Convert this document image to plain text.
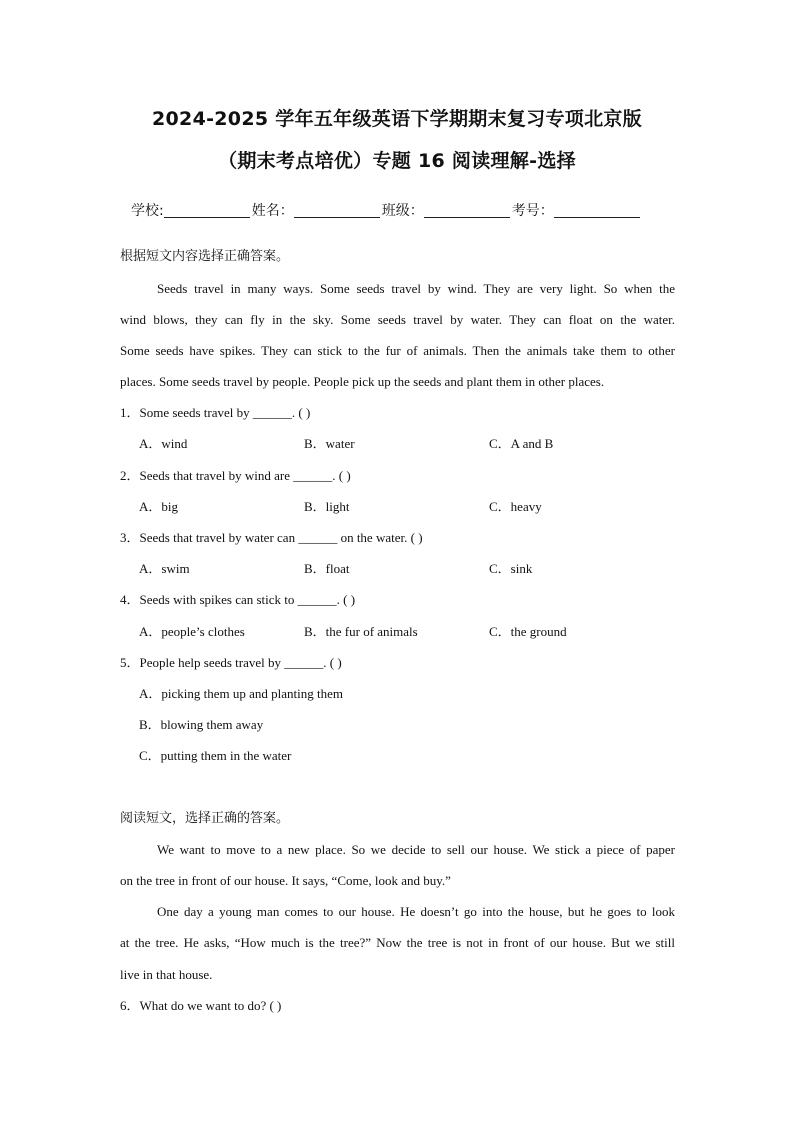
2024-2025 学年五年级英语下学期期末复习专项北京版
（期末考点培优）专题 16 阅读理解-选择
学校:	姓名：	班级：	考号：
根据短文内容选择正确答案。
Seeds travel in many ways. Some seeds travel by wind. They are very light. So when the
wind blows, they can fly in the sky. Some seeds travel by water. They can float on the water.
Some seeds have spikes. They can stick to the fur of animals. Then the animals take them to other
places. Some seeds travel by people. People pick up the seeds and plant them in other places.
1．Some seeds travel by ______. ( )
A．wind	B．water	C．A and B
2．Seeds that travel by wind are ______. ( )
A．big	B．light	C．heavy
3．Seeds that travel by water can ______ on the water. ( )
A．swim	B．float	C．sink
4．Seeds with spikes can stick to ______. ( )
A．people’s clothes	B．the fur of animals	C．the ground
5．People help seeds travel by ______. ( )
A．picking them up and planting them
B．blowing them away
C．putting them in the water
阅读短文，选择正确的答案。
We want to move to a new place. So we decide to sell our house. We stick a piece of paper
on the tree in front of our house. It says, “Come, look and buy.”
One day a young man comes to our house. He doesn’t go into the house, but he goes to look
at the tree. He asks, “How much is the tree?” Now the tree is not in front of our house. But we still
live in that house.
6．What do we want to do? ( )
